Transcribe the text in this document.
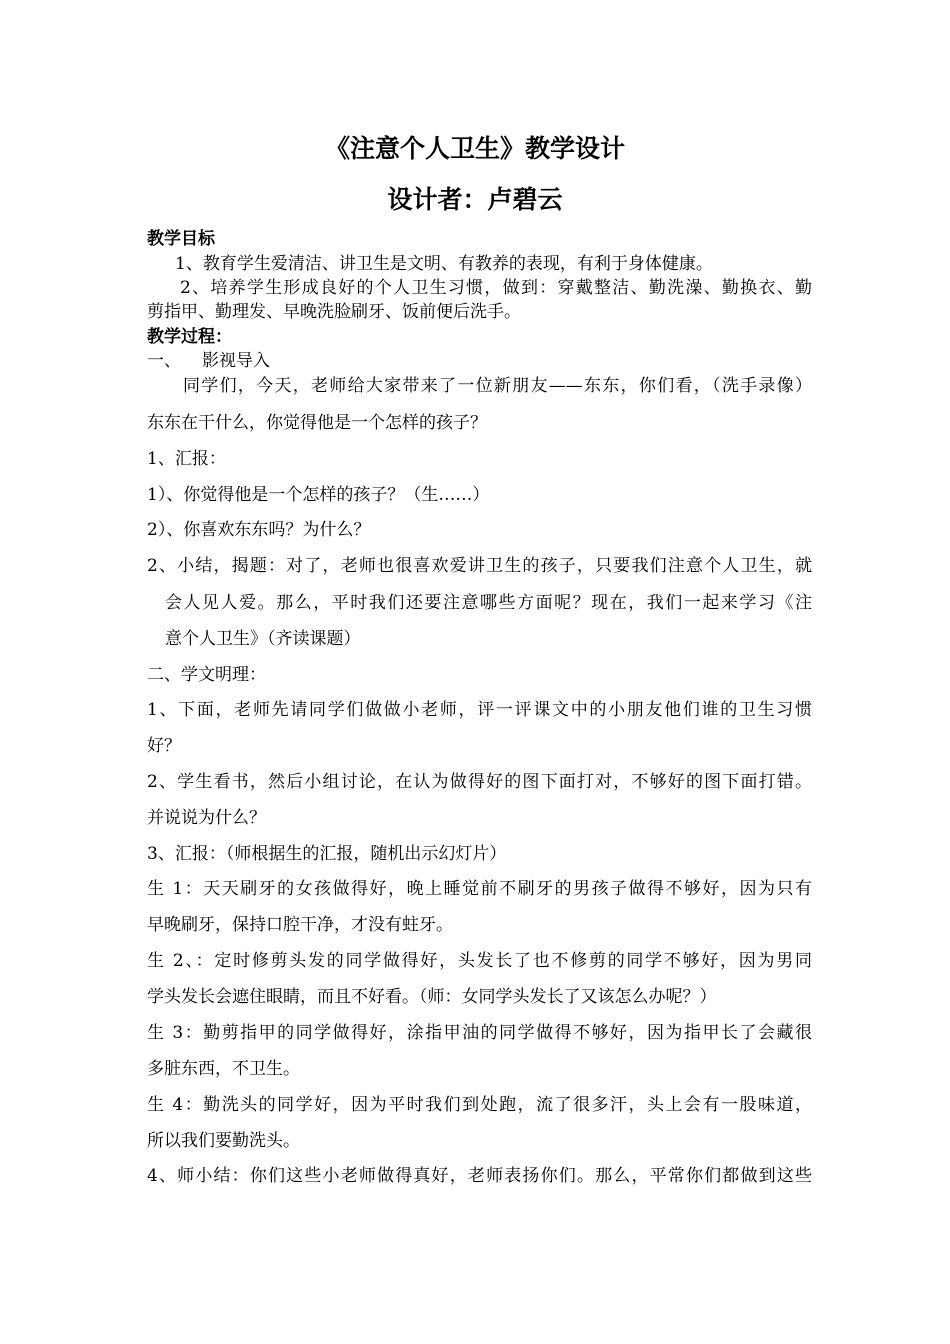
《注意个人卫生》教学设计
设计者：卢碧云
教学目标
1、教育学生爱清洁、讲卫生是文明、有教养的表现，有利于身体健康。
2、培养学生形成良好的个人卫生习惯，做到：穿戴整洁、勤洗澡、勤换衣、勤
剪指甲、勤理发、早晚洗脸刷牙、饭前便后洗手。
教学过程：
一、 影视导入
同学们，今天，老师给大家带来了一位新朋友——东东，你们看，（洗手录像）
东东在干什么，你觉得他是一个怎样的孩子？
1、汇报：
1）、你觉得他是一个怎样的孩子？（生……）
2）、你喜欢东东吗？为什么？
2、小结，揭题：对了，老师也很喜欢爱讲卫生的孩子，只要我们注意个人卫生，就
会人见人爱。那么，平时我们还要注意哪些方面呢？现在，我们一起来学习《注
意个人卫生》（齐读课题）
二、学文明理：
1、下面，老师先请同学们做做小老师，评一评课文中的小朋友他们谁的卫生习惯
好？
2、学生看书，然后小组讨论，在认为做得好的图下面打对，不够好的图下面打错。
并说说为什么？
3、汇报：（师根据生的汇报，随机出示幻灯片）
生 1：天天刷牙的女孩做得好，晚上睡觉前不刷牙的男孩子做得不够好，因为只有
早晚刷牙，保持口腔干净，才没有蛀牙。
生 2、：定时修剪头发的同学做得好，头发长了也不修剪的同学不够好，因为男同
学头发长会遮住眼睛，而且不好看。（师：女同学头发长了又该怎么办呢？）
生 3：勤剪指甲的同学做得好，涂指甲油的同学做得不够好，因为指甲长了会藏很
多脏东西，不卫生。
生 4：勤洗头的同学好，因为平时我们到处跑，流了很多汗，头上会有一股味道，
所以我们要勤洗头。
4、师小结：你们这些小老师做得真好，老师表扬你们。那么，平常你们都做到这些
